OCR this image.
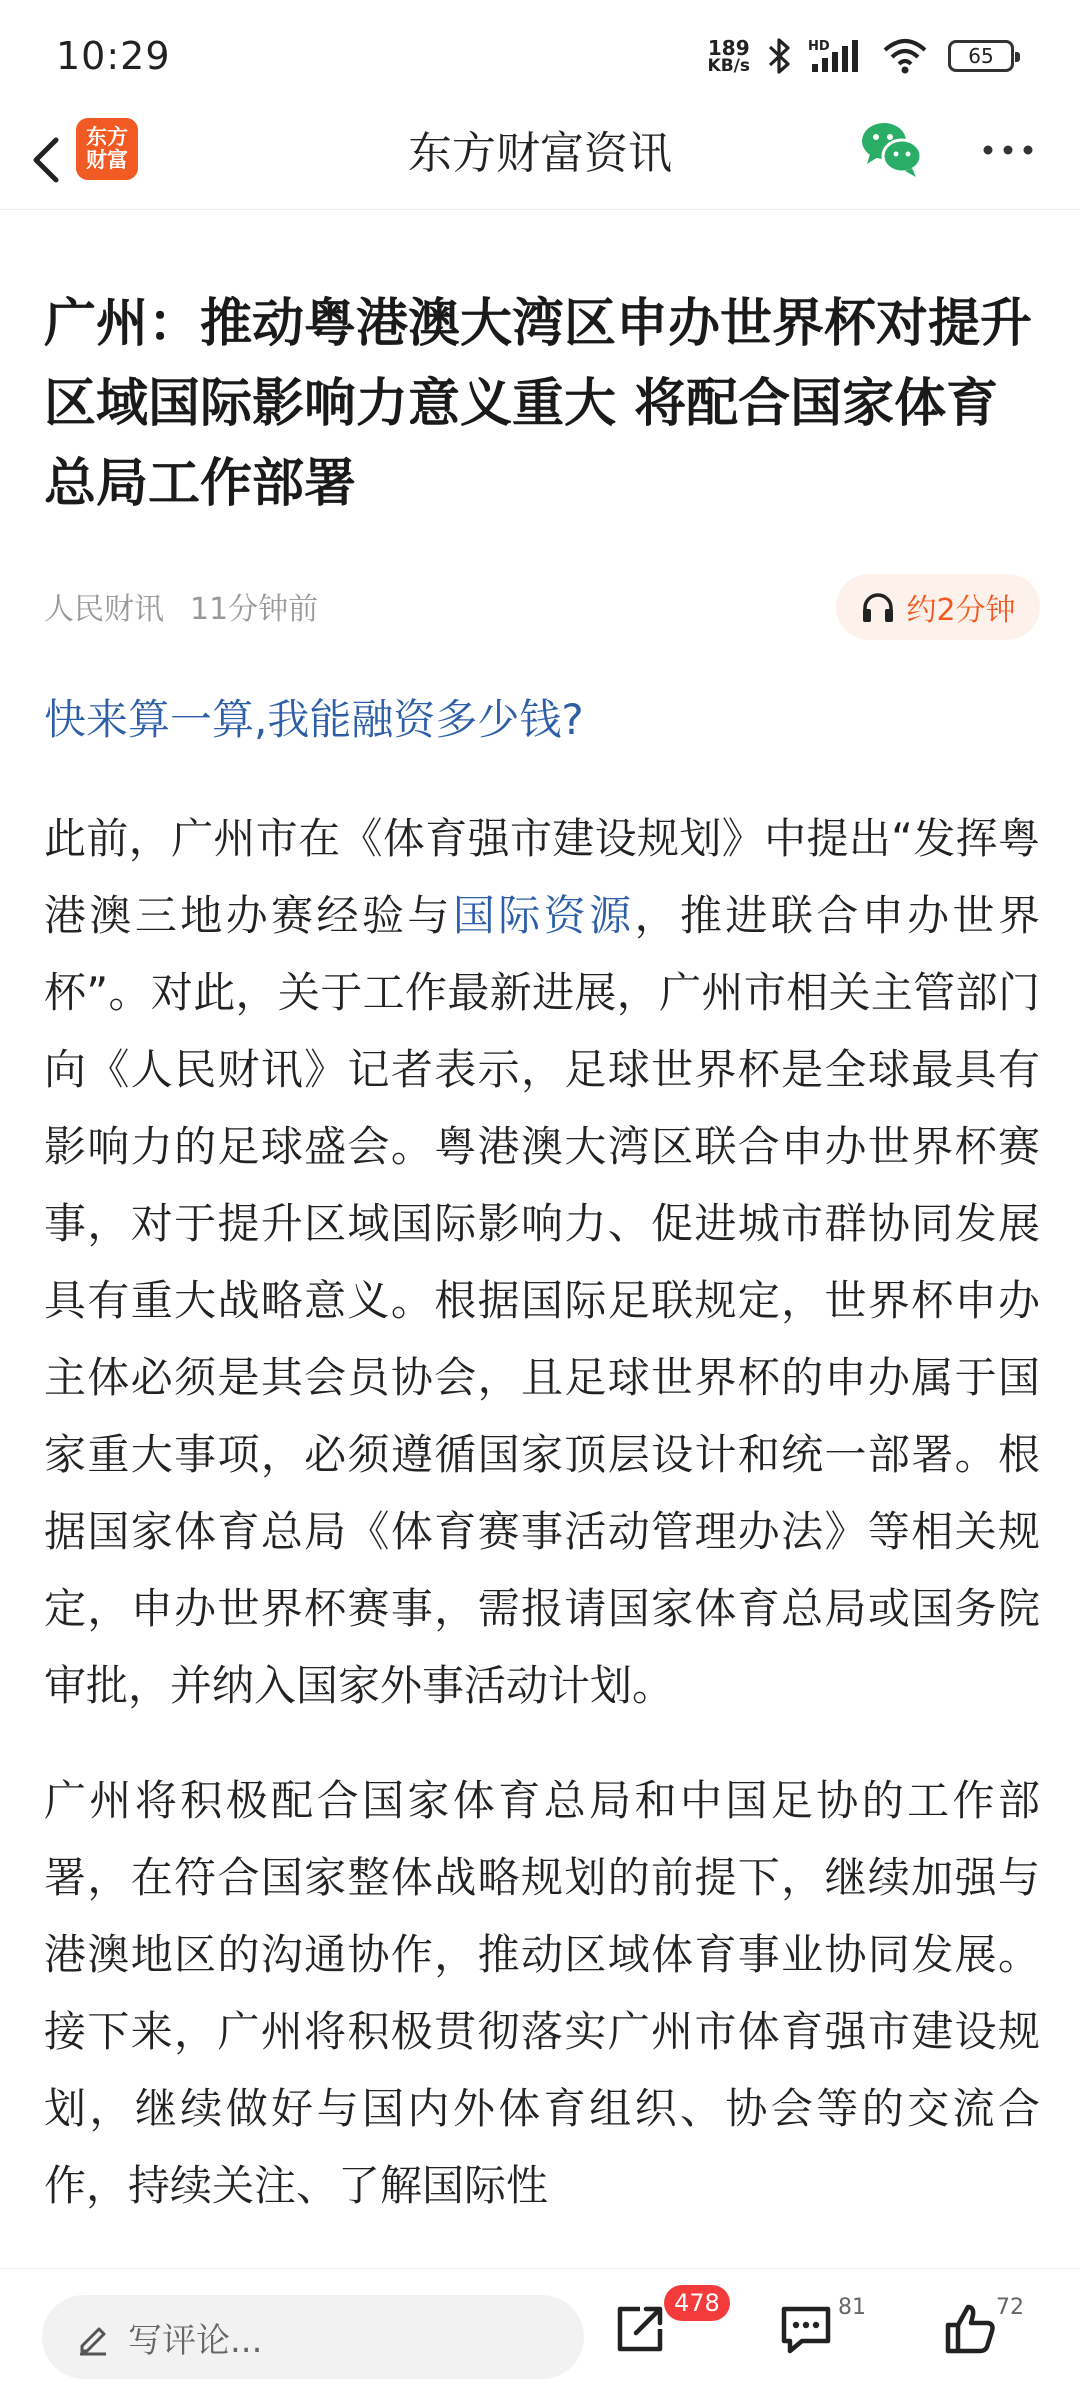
10:29	189
KB/s
HD	65
东方
财富	东方财富资讯
广州：推动粤港澳大湾区申办世界杯对提升区域国际影响力意义重大 将配合国家体育总局工作部署
人民财讯 11分钟前	约2分钟
快来算一算,我能融资多少钱?

此前，广州市在《体育强市建设规划》中提出“发挥粤港澳三地办赛经验与国际资源，推进联合申办世界杯”。对此，关于工作最新进展，广州市相关主管部门向《人民财讯》记者表示，足球世界杯是全球最具有影响力的足球盛会。粤港澳大湾区联合申办世界杯赛事，对于提升区域国际影响力、促进城市群协同发展具有重大战略意义。根据国际足联规定，世界杯申办主体必须是其会员协会，且足球世界杯的申办属于国家重大事项，必须遵循国家顶层设计和统一部署。根据国家体育总局《体育赛事活动管理办法》等相关规定，申办世界杯赛事，需报请国家体育总局或国务院审批，并纳入国家外事活动计划。

广州将积极配合国家体育总局和中国足协的工作部署，在符合国家整体战略规划的前提下，继续加强与港澳地区的沟通协作，推动区域体育事业协同发展。接下来，广州将积极贯彻落实广州市体育强市建设规划，继续做好与国内外体育组织、协会等的交流合作，持续关注、了解国际性

写评论...
478	81	72
